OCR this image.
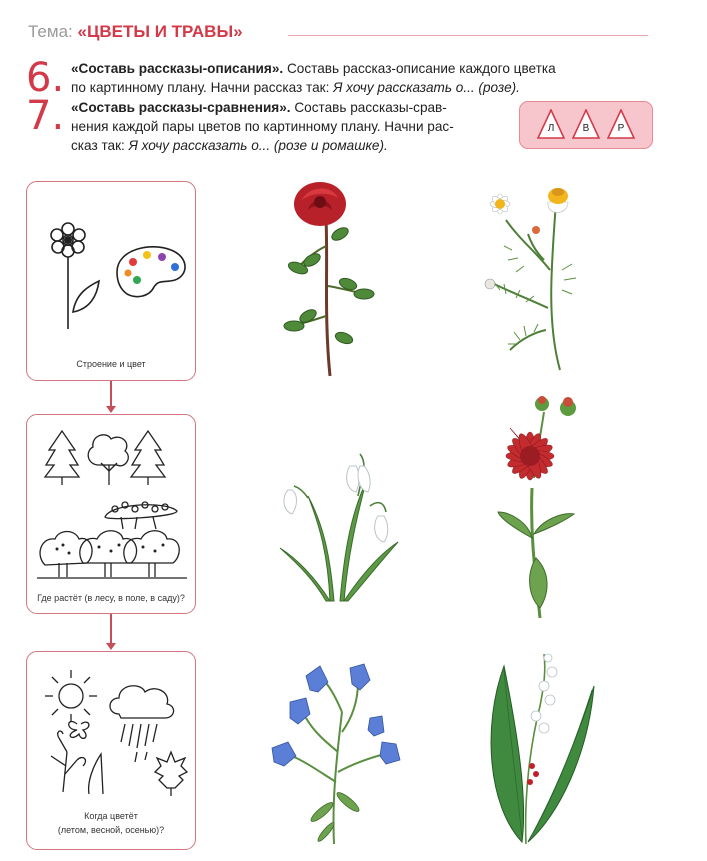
Тема: «ЦВЕТЫ И ТРАВЫ»
6. «Составь рассказы-описания». Составь рассказ-описание каждого цветка
по картинному плану. Начни рассказ так: Я хочу рассказать о... (розе).
7. «Составь рассказы-сравнения». Составь рассказы-срав-
нения каждой пары цветов по картинному плану. Начни рас-
сказ так: Я хочу рассказать о... (розе и ромашке).
Л	В	Р
Строение и цвет
Где растёт (в лесу, в поле, в саду)?
Когда цветёт
(летом, весной, осенью)?
